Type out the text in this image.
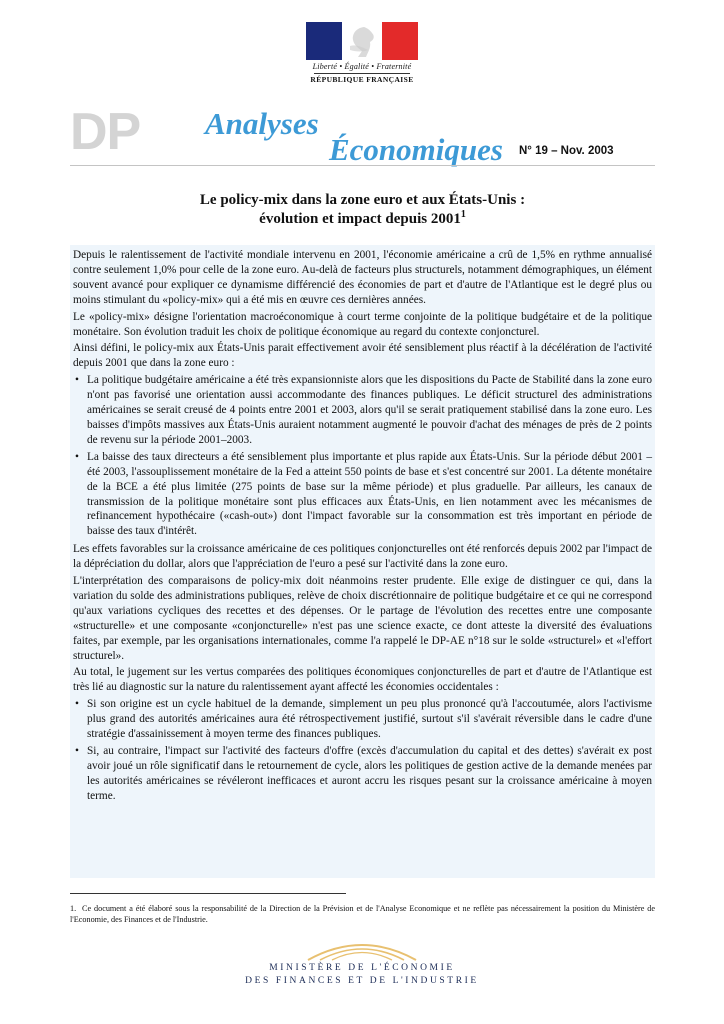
Liberté • Égalité • Fraternité
RÉPUBLIQUE FRANÇAISE
DP Analyses
Économiques N° 19 – Nov. 2003
Le policy-mix dans la zone euro et aux États-Unis :
évolution et impact depuis 2001$^1$

Depuis le ralentissement de l'activité mondiale intervenu en 2001, l'économie américaine a crû de 1,5% en rythme annualisé contre seulement 1,0% pour celle de la zone euro. Au-delà de facteurs plus structurels, notamment démographiques, un élément souvent avancé pour expliquer ce dynamisme différencié des économies de part et d'autre de l'Atlantique est le degré plus ou moins stimulant du «policy-mix» qui a été mis en œuvre ces dernières années.

Le «policy-mix» désigne l'orientation macroéconomique à court terme conjointe de la politique budgétaire et de la politique monétaire. Son évolution traduit les choix de politique économique au regard du contexte conjoncturel.

Ainsi défini, le policy-mix aux États-Unis parait effectivement avoir été sensiblement plus réactif à la décélération de l'activité depuis 2001 que dans la zone euro :

• La politique budgétaire américaine a été très expansionniste alors que les dispositions du Pacte de Stabilité dans la zone euro n'ont pas favorisé une orientation aussi accommodante des finances publiques. Le déficit structurel des administrations américaines se serait creusé de 4 points entre 2001 et 2003, alors qu'il se serait pratiquement stabilisé dans la zone euro. Les baisses d'impôts massives aux États-Unis auraient notamment augmenté le pouvoir d'achat des ménages de près de 2 points de revenu sur la période 2001–2003.
• La baisse des taux directeurs a été sensiblement plus importante et plus rapide aux États-Unis. Sur la période début 2001 – été 2003, l'assouplissement monétaire de la Fed a atteint 550 points de base et s'est concentré sur 2001. La détente monétaire de la BCE a été plus limitée (275 points de base sur la même période) et plus graduelle. Par ailleurs, les canaux de transmission de la politique monétaire sont plus efficaces aux États-Unis, en lien notamment avec les mécanismes de refinancement hypothécaire («cash-out») dont l'impact favorable sur la consommation est très important en période de baisse des taux d'intérêt.

Les effets favorables sur la croissance américaine de ces politiques conjoncturelles ont été renforcés depuis 2002 par l'impact de la dépréciation du dollar, alors que l'appréciation de l'euro a pesé sur l'activité dans la zone euro.

L'interprétation des comparaisons de policy-mix doit néanmoins rester prudente. Elle exige de distinguer ce qui, dans la variation du solde des administrations publiques, relève de choix discrétionnaire de politique budgétaire et ce qui ne correspond qu'aux variations cycliques des recettes et des dépenses. Or le partage de l'évolution des recettes entre une composante «structurelle» et une composante «conjoncturelle» n'est pas une science exacte, ce dont atteste la diversité des évaluations faites, par exemple, par les organisations internationales, comme l'a rappelé le DP-AE n°18 sur le solde «structurel» et «l'effort structurel».

Au total, le jugement sur les vertus comparées des politiques économiques conjoncturelles de part et d'autre de l'Atlantique est très lié au diagnostic sur la nature du ralentissement ayant affecté les économies occidentales :

• Si son origine est un cycle habituel de la demande, simplement un peu plus prononcé qu'à l'accoutumée, alors l'activisme plus grand des autorités américaines aura été rétrospectivement justifié, surtout s'il s'avérait réversible dans le cadre d'une stratégie d'assainissement à moyen terme des finances publiques.
• Si, au contraire, l'impact sur l'activité des facteurs d'offre (excès d'accumulation du capital et des dettes) s'avérait ex post avoir joué un rôle significatif dans le retournement de cycle, alors les politiques de gestion active de la demande menées par les autorités américaines se révéleront inefficaces et auront accru les risques pesant sur la croissance américaine à moyen terme.
1. Ce document a été élaboré sous la responsabilité de la Direction de la Prévision et de l'Analyse Economique et ne reflète pas nécessairement la position du Ministère de l'Economie, des Finances et de l'Industrie.
MINISTÈRE DE L'ÉCONOMIE
DES FINANCES ET DE L'INDUSTRIE
